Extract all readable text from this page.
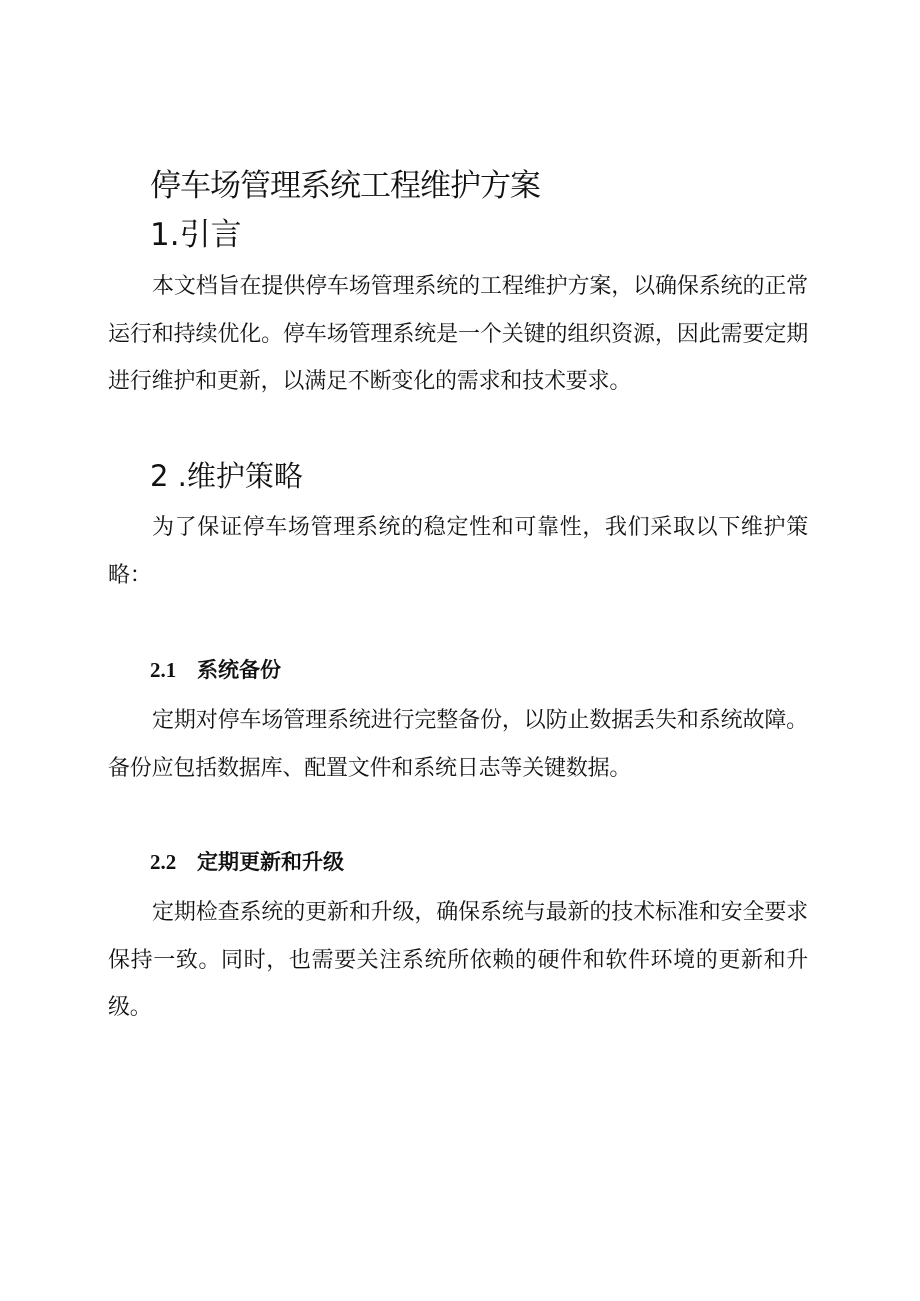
停车场管理系统工程维护方案
1.引言

本文档旨在提供停车场管理系统的工程维护方案，以确保系统的正常运行和持续优化。停车场管理系统是一个关键的组织资源，因此需要定期进行维护和更新，以满足不断变化的需求和技术要求。

2 .维护策略

为了保证停车场管理系统的稳定性和可靠性，我们采取以下维护策略：

2.1 系统备份

定期对停车场管理系统进行完整备份，以防止数据丢失和系统故障。备份应包括数据库、配置文件和系统日志等关键数据。

2.2 定期更新和升级

定期检查系统的更新和升级，确保系统与最新的技术标准和安全要求保持一致。同时，也需要关注系统所依赖的硬件和软件环境的更新和升级。
